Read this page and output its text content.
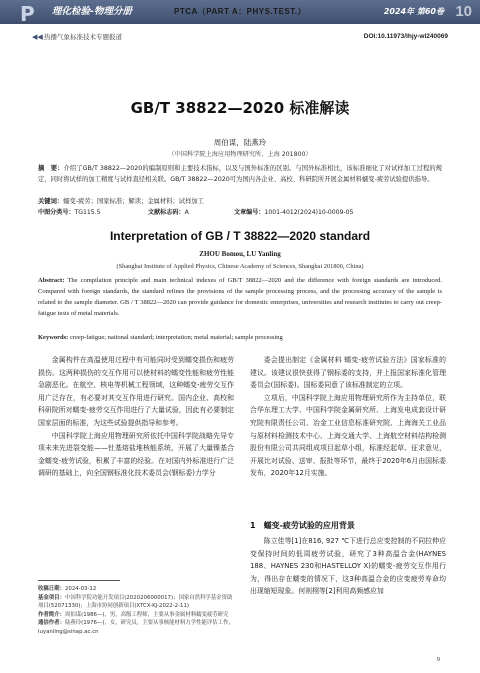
P 理化检验-物理分册	PTCA（PART A：PHYS.TEST.）	2024年 第60卷 10
◀◀ 热播气象标准技术专题报道	DOI:10.11973/lhjy-wl240069
GB/T 38822—2020 标准解读
周伯谋，陆燕玲
（中国科学院上海应用物理研究所，上海 201800）
摘　要：介绍了GB/T 38822—2020的编制原则和主要技术指标，以及与国外标准的区别。与国外标准相比，该标准细化了对试样加工过程的规定，同时将试样的加工精度与试样直径相关联。GB/T 38822—2020可为国内各企业、高校、科研院所开展金属材料蠕变-疲劳试验提供指导。
关键词：蠕变-疲劳；国家标准；解读；金属材料；试样加工
中图分类号：TG115.5	文献标志码：A	文章编号：1001-4012(2024)10-0009-05
Interpretation of GB / T 38822—2020 standard
ZHOU Bomou, LU Yanling
(Shanghai Institute of Applied Physics, Chinese Academy of Sciences, Shanghai 201800, China)
Abstract: The compilation principle and main technical indexes of GB/T 38822—2020 and the difference with foreign standards are introduced. Compared with foreign standards, the standard refines the provisions of the sample processing process, and the processing accuracy of the sample is related to the sample diameter. GB / T 38822—2020 can provide guidance for domestic enterprises, universities and research institutes to carry out creep-fatigue tests of metal materials.
Keywords: creep-fatigue; national standard; interpretation; metal material; sample processing

金属构件在高温使用过程中有可能同时受到蠕变损伤和疲劳损伤。这两种损伤的交互作用可以使材料的蠕变性能和疲劳性能急剧恶化。在航空、核电等机械工程领域，这种蠕变-疲劳交互作用广泛存在，有必要对其交互作用进行研究。国内企业、高校和科研院所对蠕变-疲劳交互作用进行了大量试验，因此有必要制定国家层面的标准，为这些试验提供指导和参考。

中国科学院上海应用物理研究所依托中国科学院战略先导专项未来先进裂变能——钍基熔盐堆核能系统，开展了大量镍基合金蠕变-疲劳试验，积累了丰富的经验。在对国内外标准进行广泛调研的基础上，向全国钢标准化技术委员会(钢标委)力学分

委会提出制定《金属材料 蠕变-疲劳试验方法》国家标准的建议。该建议很快获得了钢标委的支持，并上报国家标准化管理委员会(国标委)。国标委同意了该标准制定的立项。

立项后，中国科学院上海应用物理研究所作为主持单位，联合华东理工大学、中国科学院金属研究所、上海发电成套设计研究院有限责任公司、冶金工业信息标准研究院、上海海关工业品与原材料检测技术中心、上海交通大学、上海航空材料结构检测股份有限公司共同组成项目起草小组，标准经起草、征求意见，开展比对试验、送审、报批等环节，最终于2020年6月由国标委发布，2020年12月实施。

1　蠕变-疲劳试验的应用背景

陈立佳等[1]在816, 927 ℃下进行总应变控制的不同拉伸应变保持时间的低周疲劳试验，研究了3种高温合金(HAYNES 188、HAYNES 230和HASTELLOY X)的蠕变-疲劳交互作用行为，得出存在蠕变的情况下，这3种高温合金的应变疲劳寿命均出现缩短现象。何则栩等[2]利用高频感应加

收稿日期：2024-03-12
基金项目：中国科学院功能开发项目(2020206000017)；国家自然科学基金资助项目(52071330)；上海市协同创新项目(XTCX-KJ-2022-2-11)
作者简介：周伯谋(1986—)，男，高级工程师，主要从事金属材料蠕变疲劳研究
通信作者：陆燕玲(1976—)，女，研究员，主要从事核能材料力学性能评估工作，luyanling@sinap.ac.cn
9
